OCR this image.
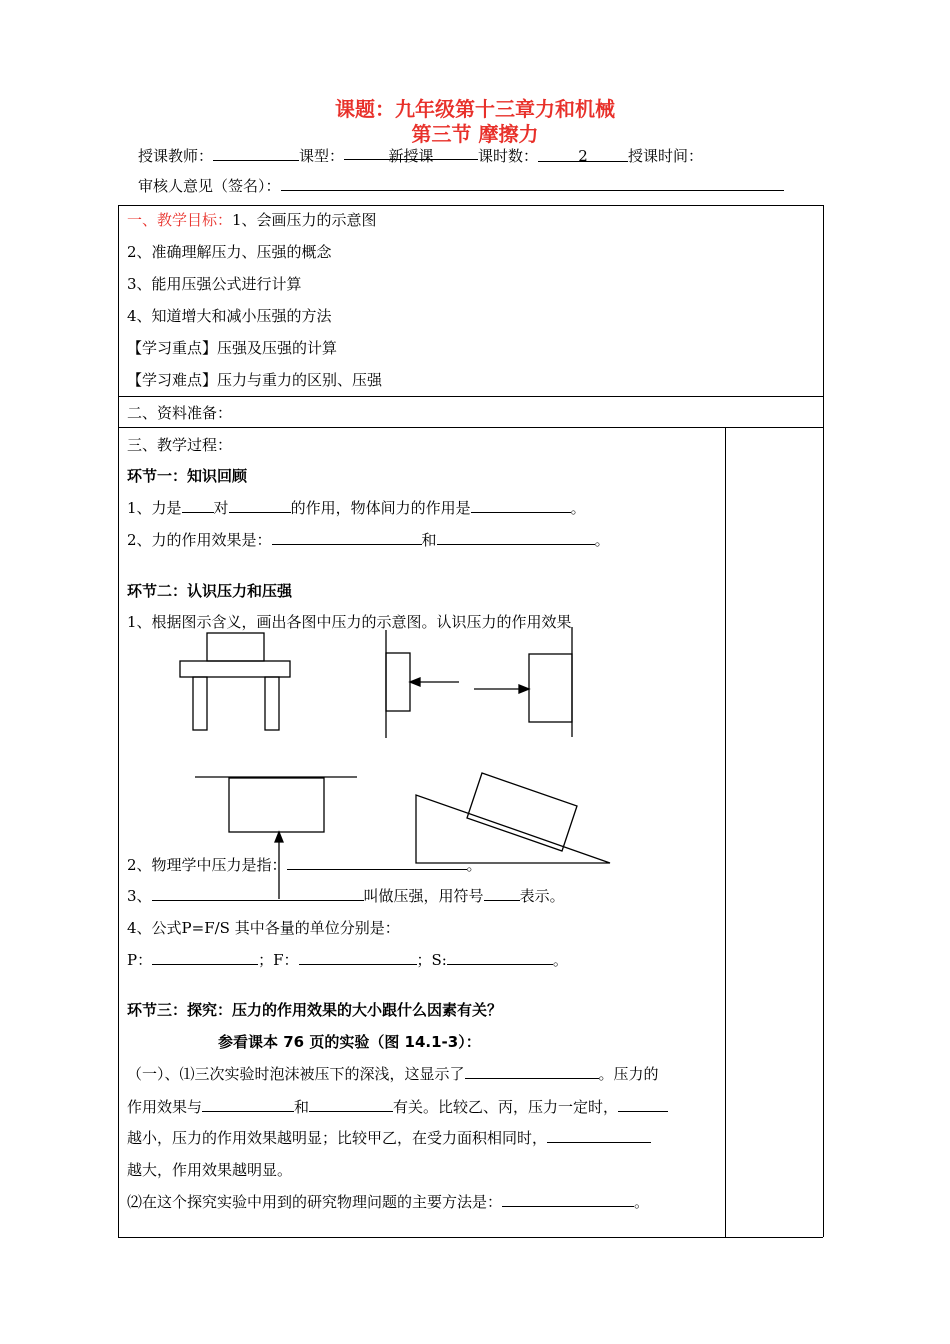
课题：九年级第十三章力和机械
第三节 摩擦力
授课教师：	课型：	新授课	课时数：	2	授课时间：
审核人意见（签名）：
一、教学目标：1、会画压力的示意图
2、准确理解压力、压强的概念
3、能用压强公式进行计算
4、知道增大和减小压强的方法
【学习重点】压强及压强的计算
【学习难点】压力与重力的区别、压强
二、资料准备：
三、教学过程：
环节一：知识回顾
1、力是 对	的作用，物体间力的作用是	。
2、力的作用效果是：	和	。
环节二：认识压力和压强
1、根据图示含义，画出各图中压力的示意图。认识压力的作用效果
2、物理学中压力是指：	。
3、	叫做压强，用符号 表示。
4、公式P=F/S 其中各量的单位分别是：
P：	；F：	；S:	。
环节三：探究：压力的作用效果的大小跟什么因素有关？
参看课本 76 页的实验（图 14.1-3）：
（一）、⑴三次实验时泡沫被压下的深浅，这显示了	。压力的
作用效果与	和	有关。比较乙、丙，压力一定时，
越小，压力的作用效果越明显；比较甲乙，在受力面积相同时，
越大，作用效果越明显。
⑵在这个探究实验中用到的研究物理问题的主要方法是：	。
